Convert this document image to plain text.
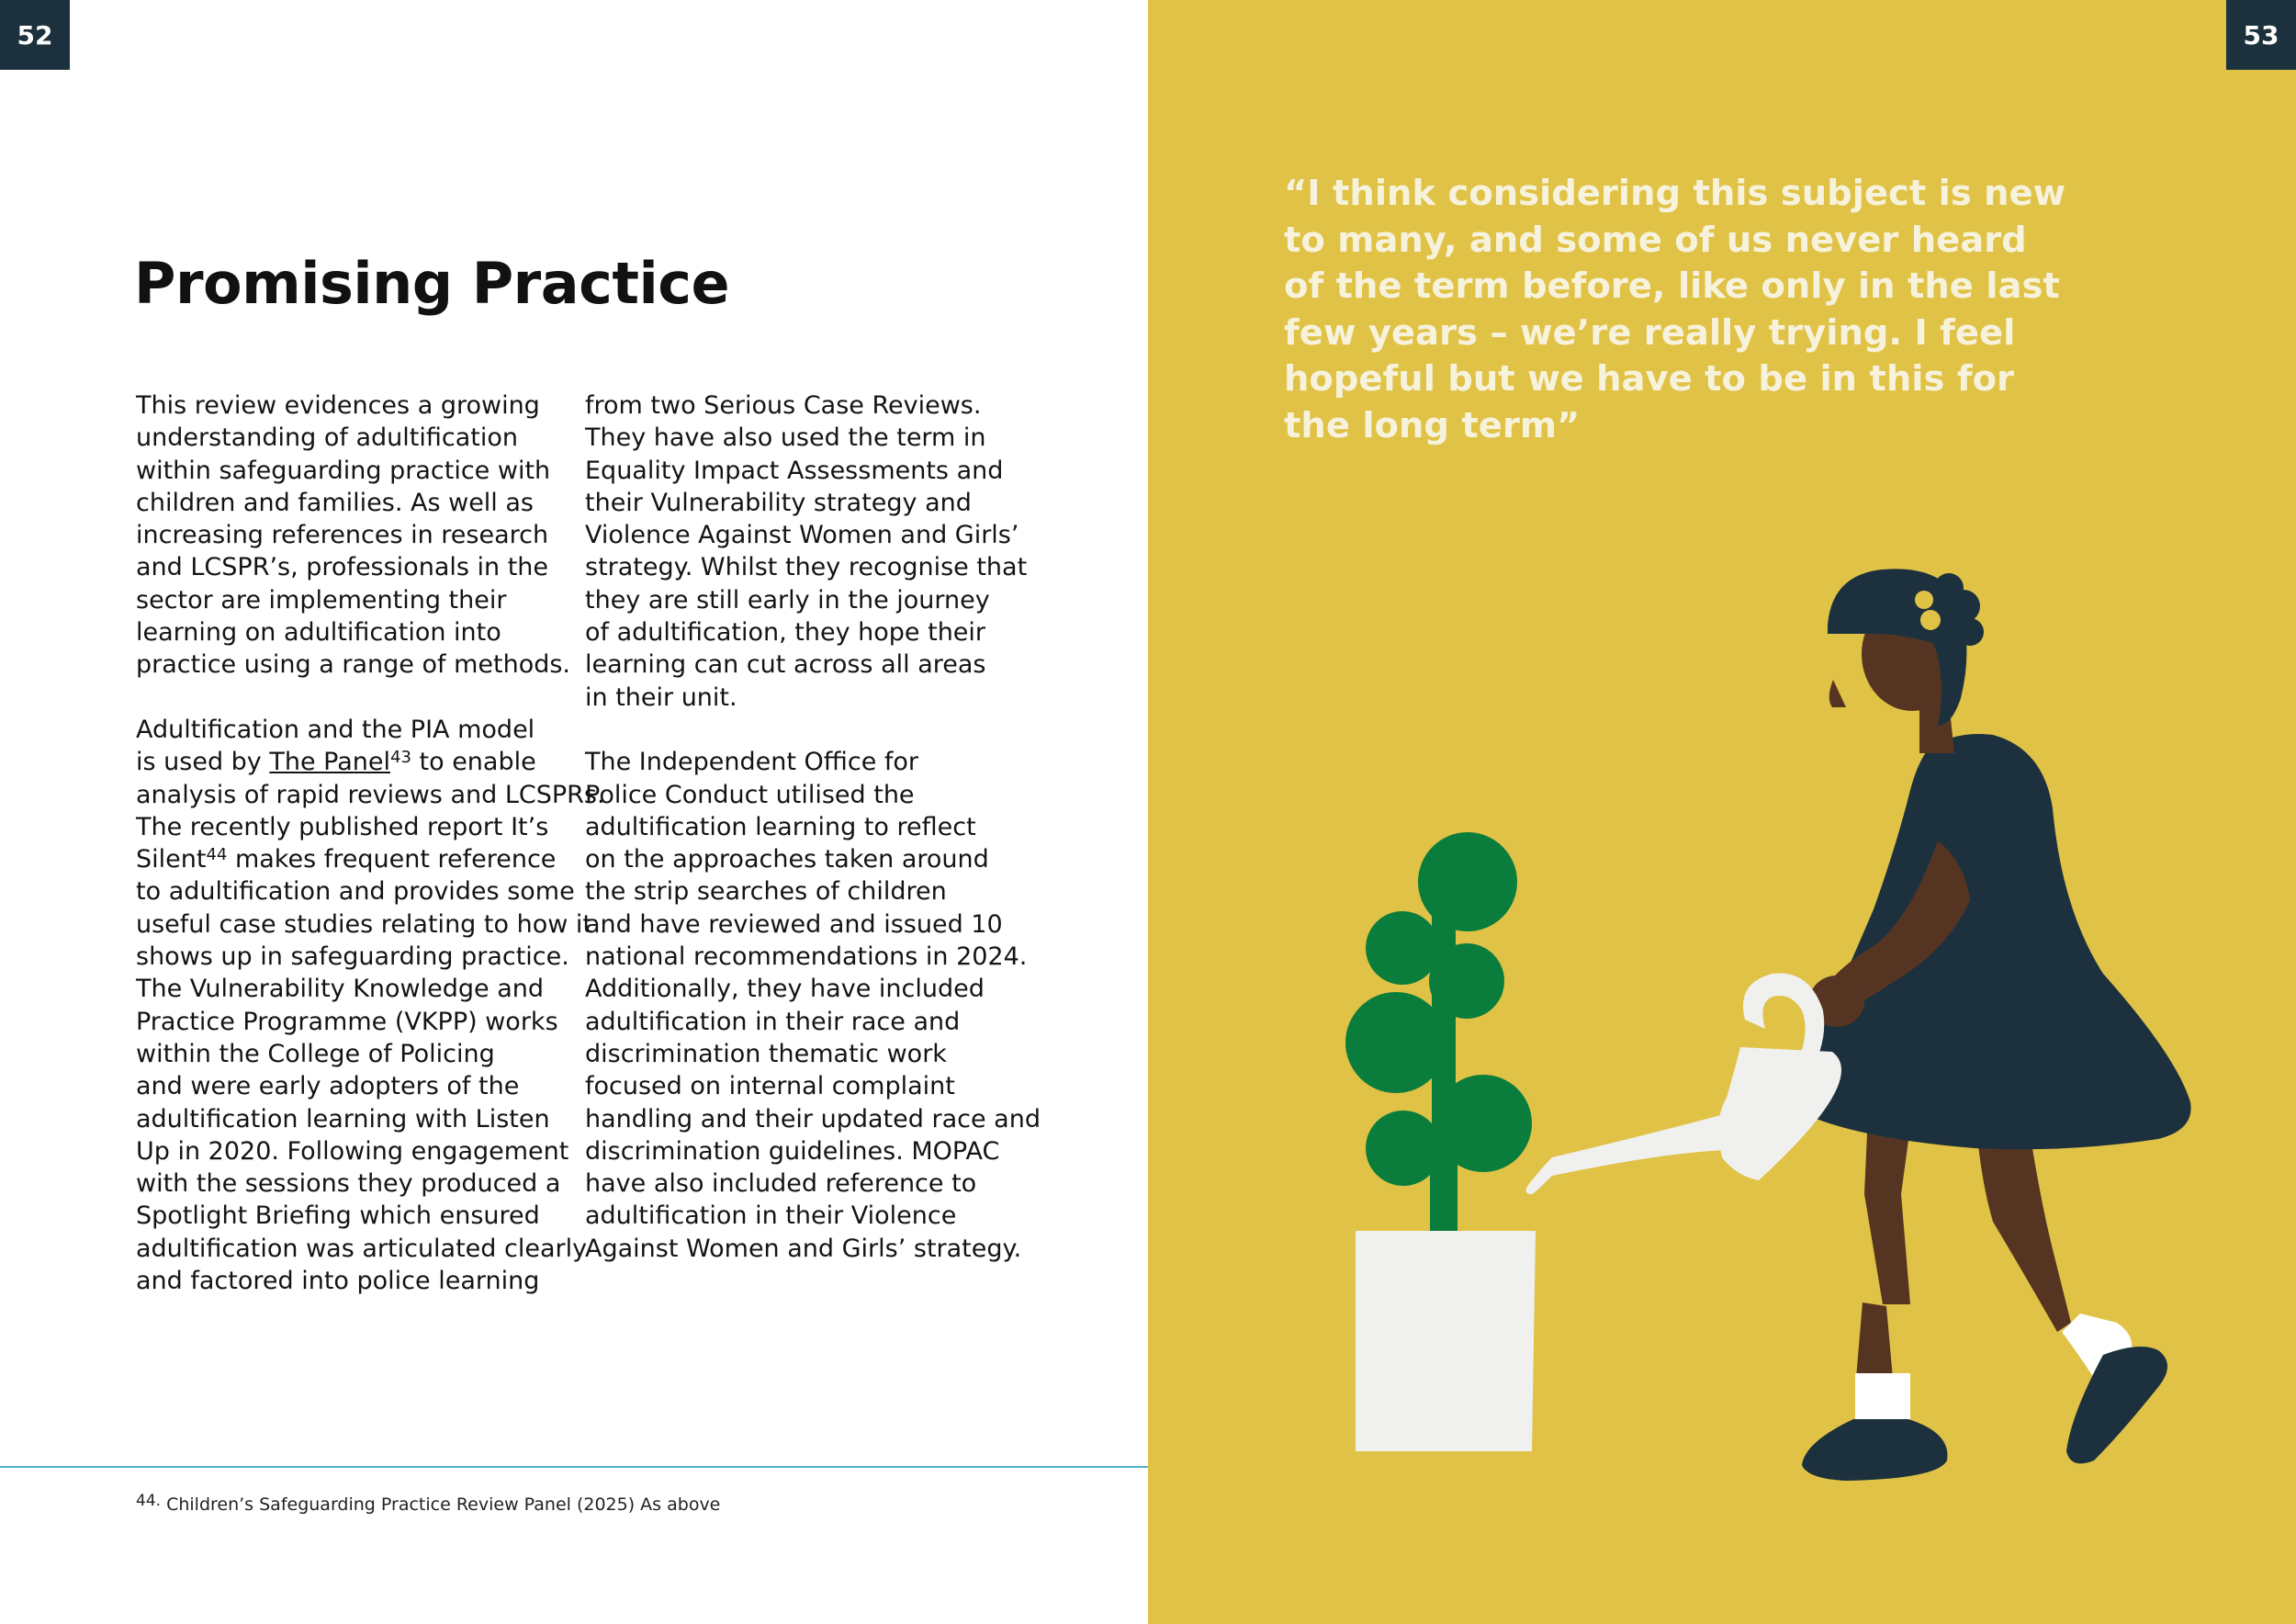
52
Promising Practice

This review evidences a growing
understanding of adultification
within safeguarding practice with
children and families. As well as
increasing references in research
and LCSPR’s, professionals in the
sector are implementing their
learning on adultification into
practice using a range of methods.

Adultification and the PIA model
is used by The Panel$^{43}$ to enable
analysis of rapid reviews and LCSPRs.
The recently published report It’s
Silent$^{44}$ makes frequent reference
to adultification and provides some
useful case studies relating to how it
shows up in safeguarding practice.
The Vulnerability Knowledge and
Practice Programme (VKPP) works
within the College of Policing
and were early adopters of the
adultification learning with Listen
Up in 2020. Following engagement
with the sessions they produced a
Spotlight Briefing which ensured
adultification was articulated clearly
and factored into police learning

from two Serious Case Reviews.
They have also used the term in
Equality Impact Assessments and
their Vulnerability strategy and
Violence Against Women and Girls’
strategy. Whilst they recognise that
they are still early in the journey
of adultification, they hope their
learning can cut across all areas
in their unit.

The Independent Office for
Police Conduct utilised the
adultification learning to reflect
on the approaches taken around
the strip searches of children
and have reviewed and issued 10
national recommendations in 2024.
Additionally, they have included
adultification in their race and
discrimination thematic work
focused on internal complaint
handling and their updated race and
discrimination guidelines. MOPAC
have also included reference to
adultification in their Violence
Against Women and Girls’ strategy.

44. Children’s Safeguarding Practice Review Panel (2025) As above
53
“I think considering this subject is new
to many, and some of us never heard
of the term before, like only in the last
few years – we’re really trying. I feel
hopeful but we have to be in this for
the long term”
